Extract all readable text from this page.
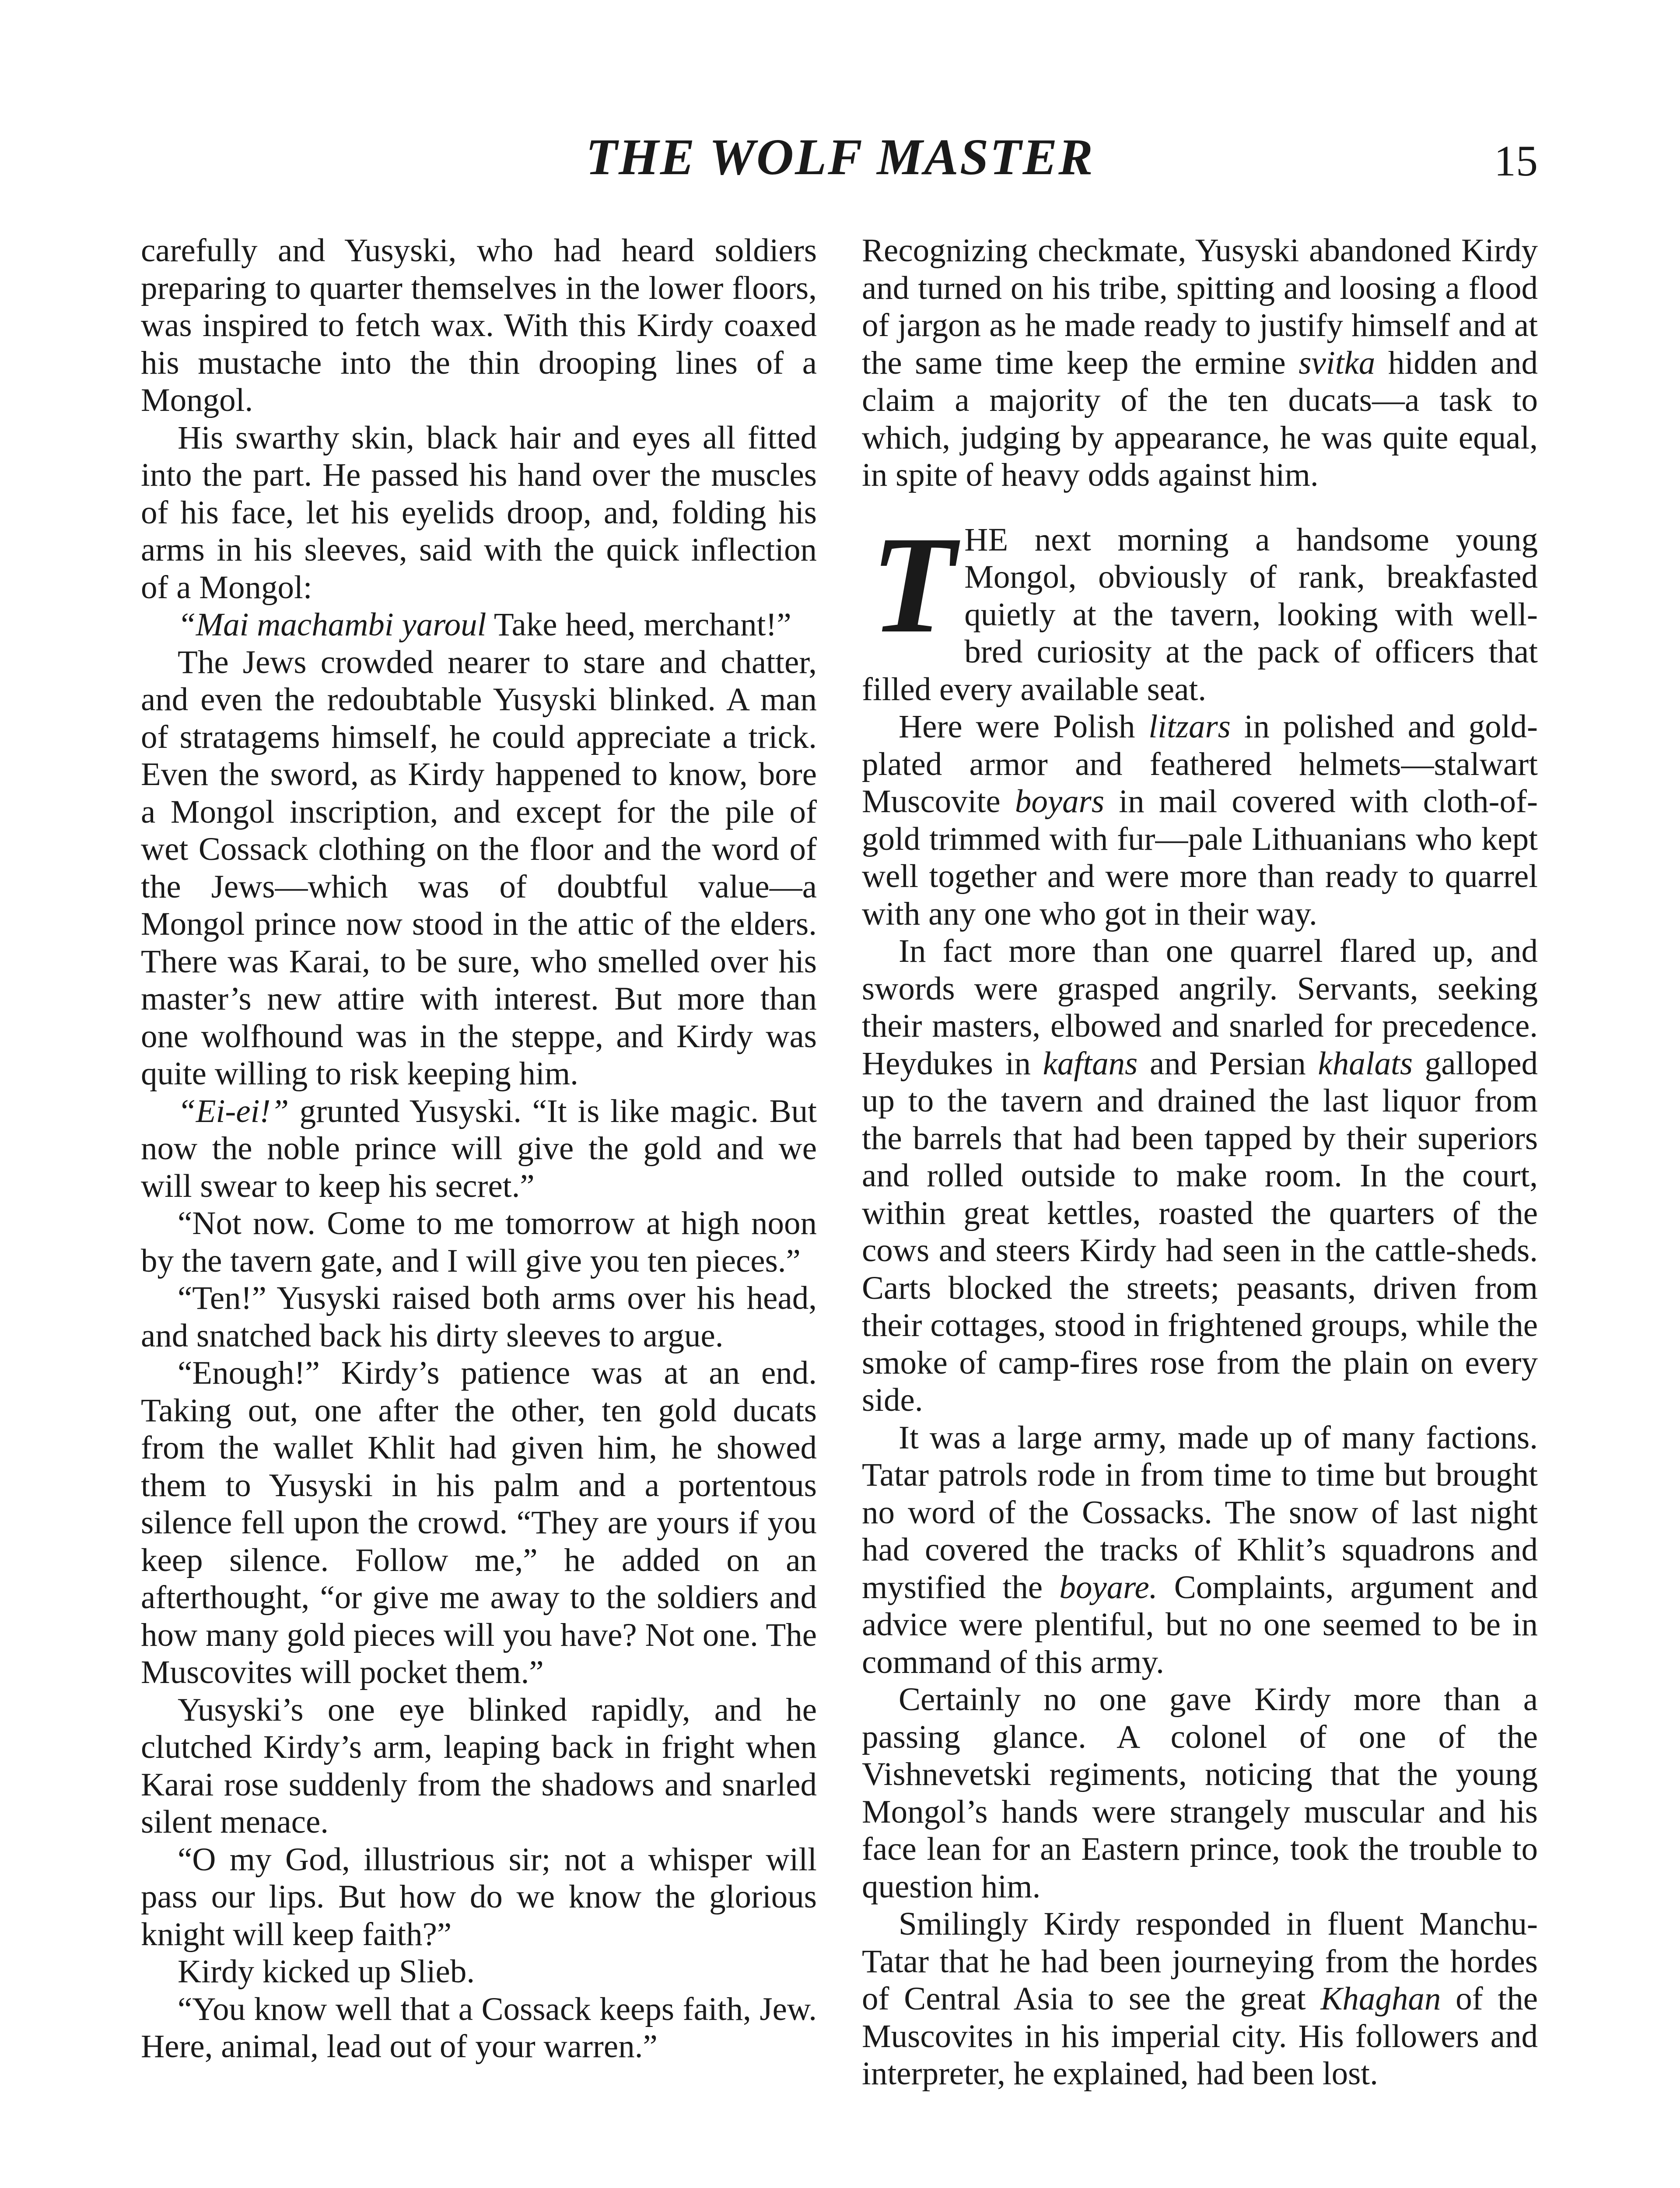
THE WOLF MASTER	15

carefully and Yusyski, who had heard soldiers preparing to quarter themselves in the lower floors, was inspired to fetch wax. With this Kirdy coaxed his mustache into the thin drooping lines of a Mongol.

His swarthy skin, black hair and eyes all fitted into the part. He passed his hand over the muscles of his face, let his eyelids droop, and, folding his arms in his sleeves, said with the quick inflection of a Mongol:

“Mai machambi yaroul Take heed, merchant!”

The Jews crowded nearer to stare and chatter, and even the redoubtable Yusyski blinked. A man of stratagems himself, he could appreciate a trick. Even the sword, as Kirdy happened to know, bore a Mongol inscription, and except for the pile of wet Cossack clothing on the floor and the word of the Jews—which was of doubtful value—a Mongol prince now stood in the attic of the elders. There was Karai, to be sure, who smelled over his master’s new attire with interest. But more than one wolfhound was in the steppe, and Kirdy was quite willing to risk keeping him.

“Ei-ei!” grunted Yusyski. “It is like magic. But now the noble prince will give the gold and we will swear to keep his secret.”

“Not now. Come to me tomorrow at high noon by the tavern gate, and I will give you ten pieces.”

“Ten!” Yusyski raised both arms over his head, and snatched back his dirty sleeves to argue.

“Enough!” Kirdy’s patience was at an end. Taking out, one after the other, ten gold ducats from the wallet Khlit had given him, he showed them to Yusyski in his palm and a portentous silence fell upon the crowd. “They are yours if you keep silence. Follow me,” he added on an afterthought, “or give me away to the soldiers and how many gold pieces will you have? Not one. The Muscovites will pocket them.”

Yusyski’s one eye blinked rapidly, and he clutched Kirdy’s arm, leaping back in fright when Karai rose suddenly from the shadows and snarled silent menace.

“O my God, illustrious sir; not a whisper will pass our lips. But how do we know the glorious knight will keep faith?”

Kirdy kicked up Slieb.

“You know well that a Cossack keeps faith, Jew. Here, animal, lead out of your warren.”

Recognizing checkmate, Yusyski abandoned Kirdy and turned on his tribe, spitting and loosing a flood of jargon as he made ready to justify himself and at the same time keep the ermine svitka hidden and claim a majority of the ten ducats—a task to which, judging by appearance, he was quite equal, in spite of heavy odds against him.

THE next morning a handsome young Mongol, obviously of rank, breakfasted quietly at the tavern, looking with well-bred curiosity at the pack of officers that filled every available seat.

Here were Polish litzars in polished and gold-plated armor and feathered helmets—stalwart Muscovite boyars in mail covered with cloth-of-gold trimmed with fur—pale Lithuanians who kept well together and were more than ready to quarrel with any one who got in their way.

In fact more than one quarrel flared up, and swords were grasped angrily. Servants, seeking their masters, elbowed and snarled for precedence. Heydukes in kaftans and Persian khalats galloped up to the tavern and drained the last liquor from the barrels that had been tapped by their superiors and rolled outside to make room. In the court, within great kettles, roasted the quarters of the cows and steers Kirdy had seen in the cattle-sheds. Carts blocked the streets; peasants, driven from their cottages, stood in frightened groups, while the smoke of camp-fires rose from the plain on every side.

It was a large army, made up of many factions. Tatar patrols rode in from time to time but brought no word of the Cossacks. The snow of last night had covered the tracks of Khlit’s squadrons and mystified the boyare. Complaints, argument and advice were plentiful, but no one seemed to be in command of this army.

Certainly no one gave Kirdy more than a passing glance. A colonel of one of the Vishnevetski regiments, noticing that the young Mongol’s hands were strangely muscular and his face lean for an Eastern prince, took the trouble to question him.

Smilingly Kirdy responded in fluent Manchu-Tatar that he had been journeying from the hordes of Central Asia to see the great Khaghan of the Muscovites in his imperial city. His followers and interpreter, he explained, had been lost.
